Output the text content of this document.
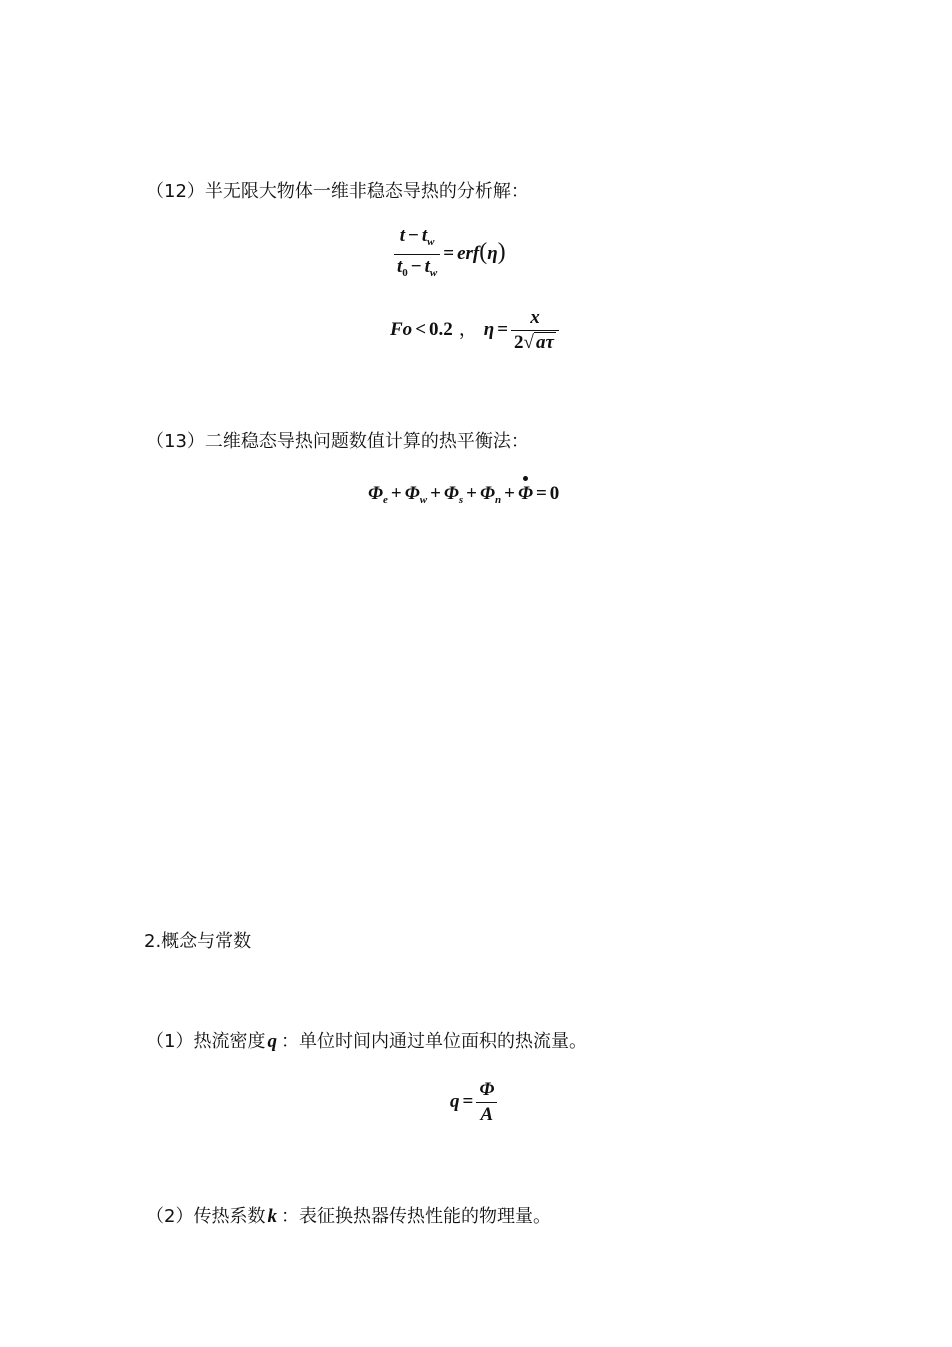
（12）半无限大物体一维非稳态导热的分析解：
$\frac{t - t_w}{t_0 - t_w} = erf(\eta)$
Fo < 0.2 ， $\eta = \frac{x}{2√ a\tau}$
（13）二维稳态导热问题数值计算的热平衡法：
$\Phi_e + \Phi_w + \Phi_s + \Phi_n + \Phi = 0$
2.概念与常数
（1）热流密度 q ：单位时间内通过单位面积的热流量。
$q = \frac{\Phi}{A}$
（2）传热系数 k ：表征换热器传热性能的物理量。
